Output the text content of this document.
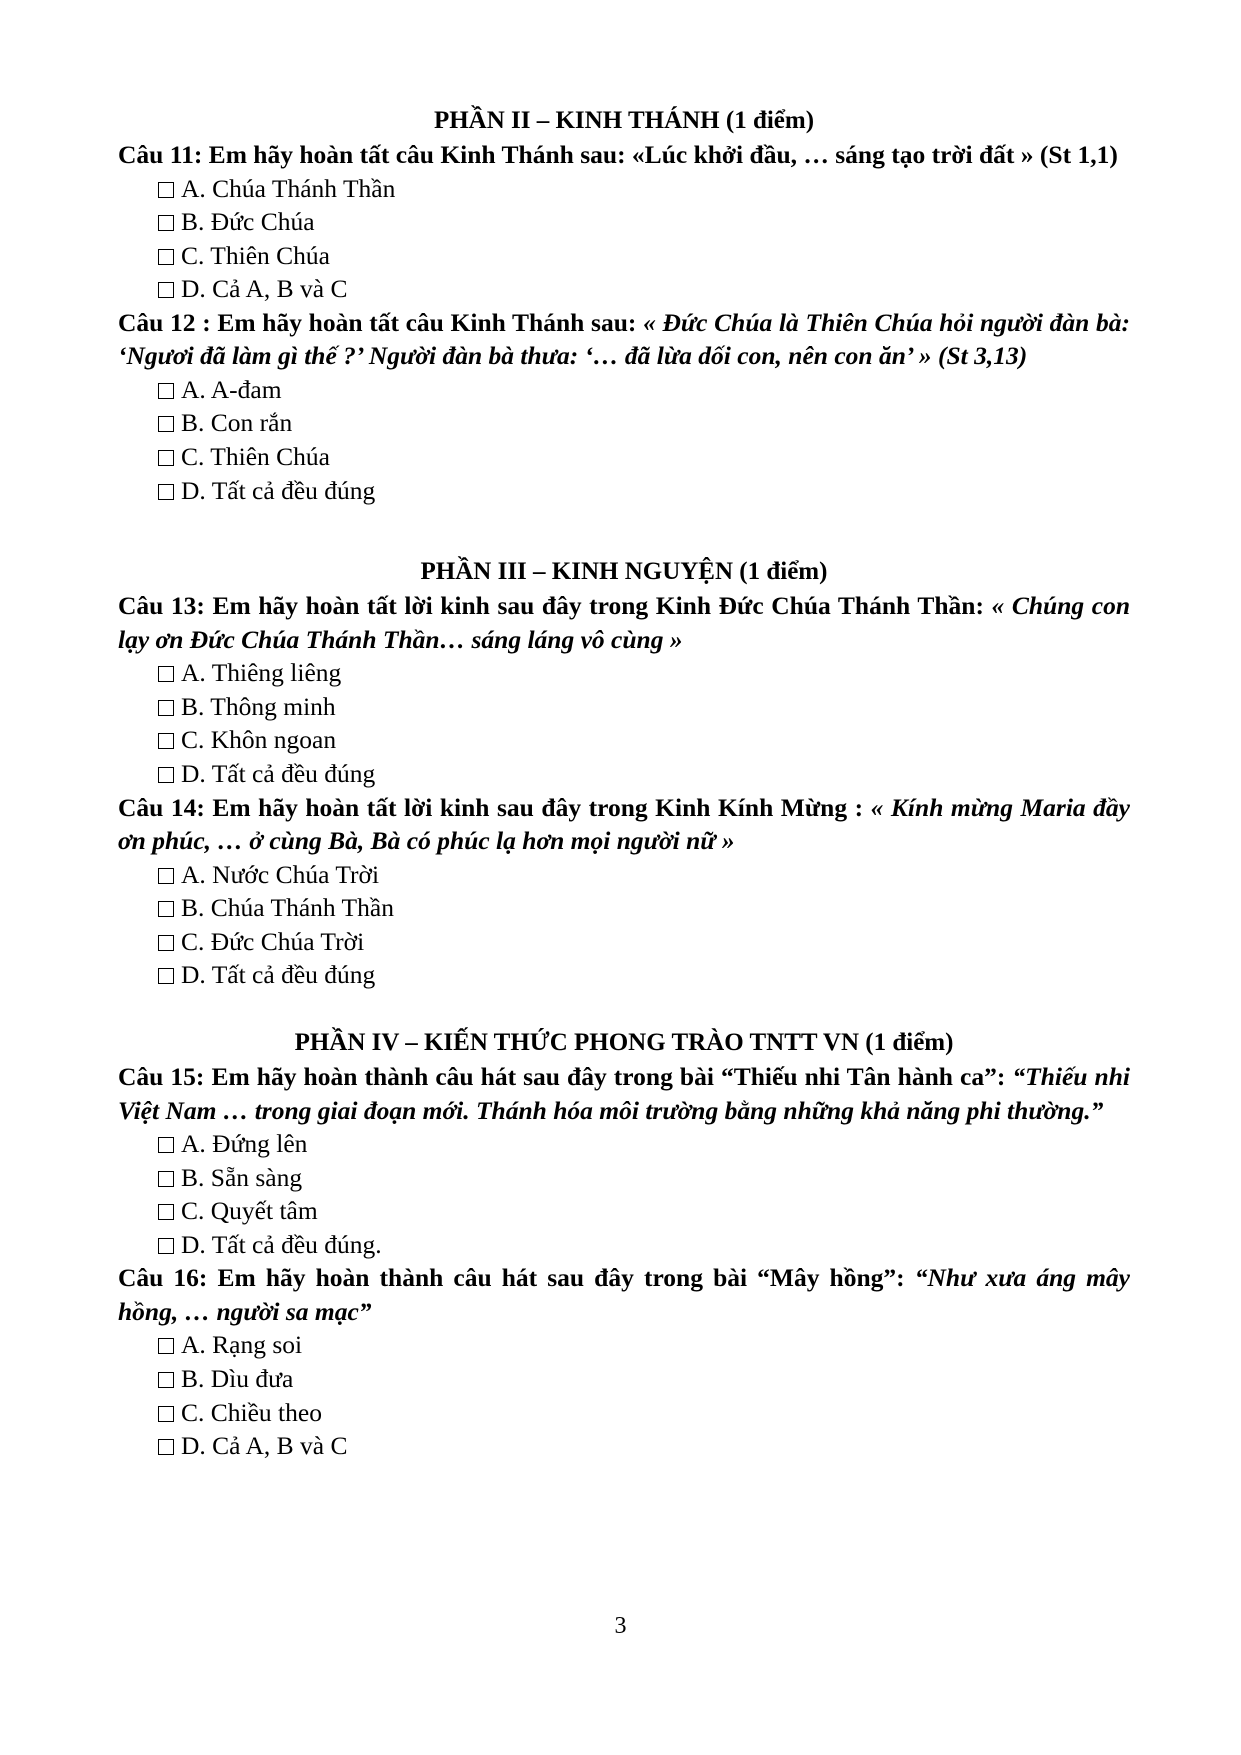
PHẦN II – KINH THÁNH (1 điểm)
Câu 11: Em hãy hoàn tất câu Kinh Thánh sau: «Lúc khởi đầu, … sáng tạo trời đất » (St 1,1)
A. Chúa Thánh Thần
B. Đức Chúa
C. Thiên Chúa
D. Cả A, B và C
Câu 12 : Em hãy hoàn tất câu Kinh Thánh sau: « Đức Chúa là Thiên Chúa hỏi người đàn bà: ‘Ngươi đã làm gì thế ?’ Người đàn bà thưa: ‘… đã lừa dối con, nên con ăn’ » (St 3,13)
A. A-đam
B. Con rắn
C. Thiên Chúa
D. Tất cả đều đúng
PHẦN III – KINH NGUYỆN (1 điểm)
Câu 13: Em hãy hoàn tất lời kinh sau đây trong Kinh Đức Chúa Thánh Thần: « Chúng con lạy ơn Đức Chúa Thánh Thần… sáng láng vô cùng »
A. Thiêng liêng
B. Thông minh
C. Khôn ngoan
D. Tất cả đều đúng
Câu 14: Em hãy hoàn tất lời kinh sau đây trong Kinh Kính Mừng : « Kính mừng Maria đầy ơn phúc, … ở cùng Bà, Bà có phúc lạ hơn mọi người nữ »
A. Nước Chúa Trời
B. Chúa Thánh Thần
C. Đức Chúa Trời
D. Tất cả đều đúng
PHẦN IV – KIẾN THỨC PHONG TRÀO TNTT VN (1 điểm)
Câu 15: Em hãy hoàn thành câu hát sau đây trong bài “Thiếu nhi Tân hành ca”: “Thiếu nhi Việt Nam … trong giai đoạn mới. Thánh hóa môi trường bằng những khả năng phi thường.”
A. Đứng lên
B. Sẵn sàng
C. Quyết tâm
D. Tất cả đều đúng.
Câu 16: Em hãy hoàn thành câu hát sau đây trong bài “Mây hồng”: “Như xưa áng mây hồng, … người sa mạc”
A. Rạng soi
B. Dìu đưa
C. Chiều theo
D. Cả A, B và C
3
